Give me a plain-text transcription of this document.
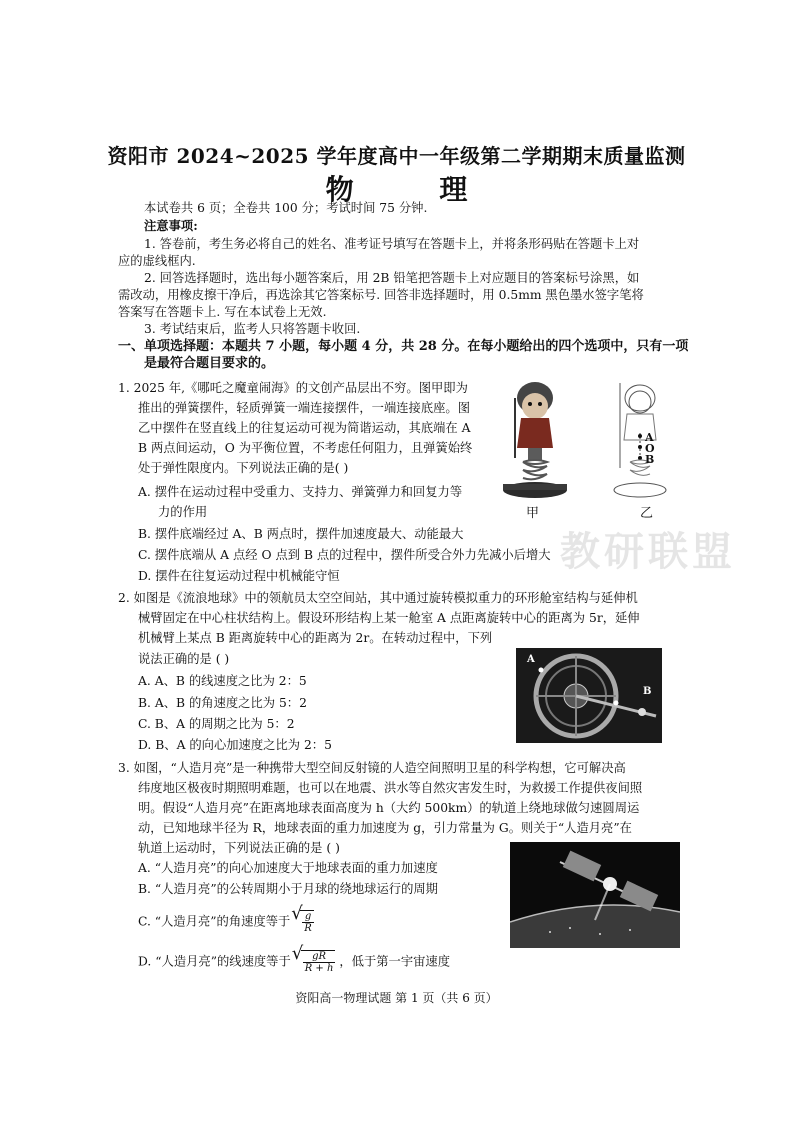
资阳市 2024~2025 学年度高中一年级第二学期期末质量监测
物 理
本试卷共 6 页；全卷共 100 分；考试时间 75 分钟.
注意事项:
1. 答卷前，考生务必将自己的姓名、准考证号填写在答题卡上，并将条形码贴在答题卡上对
应的虚线框内.
2. 回答选择题时，选出每小题答案后，用 2B 铅笔把答题卡上对应题目的答案标号涂黑，如
需改动，用橡皮擦干净后，再选涂其它答案标号. 回答非选择题时，用 0.5mm 黑色墨水签字笔将
答案写在答题卡上. 写在本试卷上无效.
3. 考试结束后，监考人只将答题卡收回.
一、单项选择题：本题共 7 小题，每小题 4 分，共 28 分。在每小题给出的四个选项中，只有一项
是最符合题目要求的。
1. 2025 年,《哪吒之魔童闹海》的文创产品层出不穷。图甲即为
推出的弹簧摆件，轻质弹簧一端连接摆件，一端连接底座。图
乙中摆件在竖直线上的往复运动可视为简谐运动，其底端在 A
B 两点间运动，O 为平衡位置，不考虑任何阻力，且弹簧始终
处于弹性限度内。下列说法正确的是( )
A. 摆件在运动过程中受重力、支持力、弹簧弹力和回复力等
力的作用
B. 摆件底端经过 A、B 两点时，摆件加速度最大、动能最大
C. 摆件底端从 A 点经 O 点到 B 点的过程中，摆件所受合外力先减小后增大
D. 摆件在往复运动过程中机械能守恒
甲
A
O
B
乙
2. 如图是《流浪地球》中的领航员太空空间站，其中通过旋转模拟重力的环形舱室结构与延伸机
械臂固定在中心柱状结构上。假设环形结构上某一舱室 A 点距离旋转中心的距离为 5r，延伸
机械臂上某点 B 距离旋转中心的距离为 2r。在转动过程中，下列
说法正确的是 ( )
A. A、B 的线速度之比为 2：5
B. A、B 的角速度之比为 5：2
C. B、A 的周期之比为 5：2
D. B、A 的向心加速度之比为 2：5
A
B
3. 如图，“人造月亮”是一种携带大型空间反射镜的人造空间照明卫星的科学构想，它可解决高
纬度地区极夜时期照明难题，也可以在地震、洪水等自然灾害发生时，为救援工作提供夜间照
明。假设“人造月亮”在距离地球表面高度为 h（大约 500km）的轨道上绕地球做匀速圆周运
动，已知地球半径为 R，地球表面的重力加速度为 g，引力常量为 G。则关于“人造月亮”在
轨道上运动时，下列说法正确的是 ( )
A. “人造月亮”的向心加速度大于地球表面的重力加速度
B. “人造月亮”的公转周期小于月球的绕地球运行的周期
C. “人造月亮”的角速度等于 √ $\frac{g}{R}$
D. “人造月亮”的线速度等于 √ $\frac{gR}{R + h}$ ，低于第一宇宙速度
教研联盟
资阳高一物理试题 第 1 页（共 6 页）
